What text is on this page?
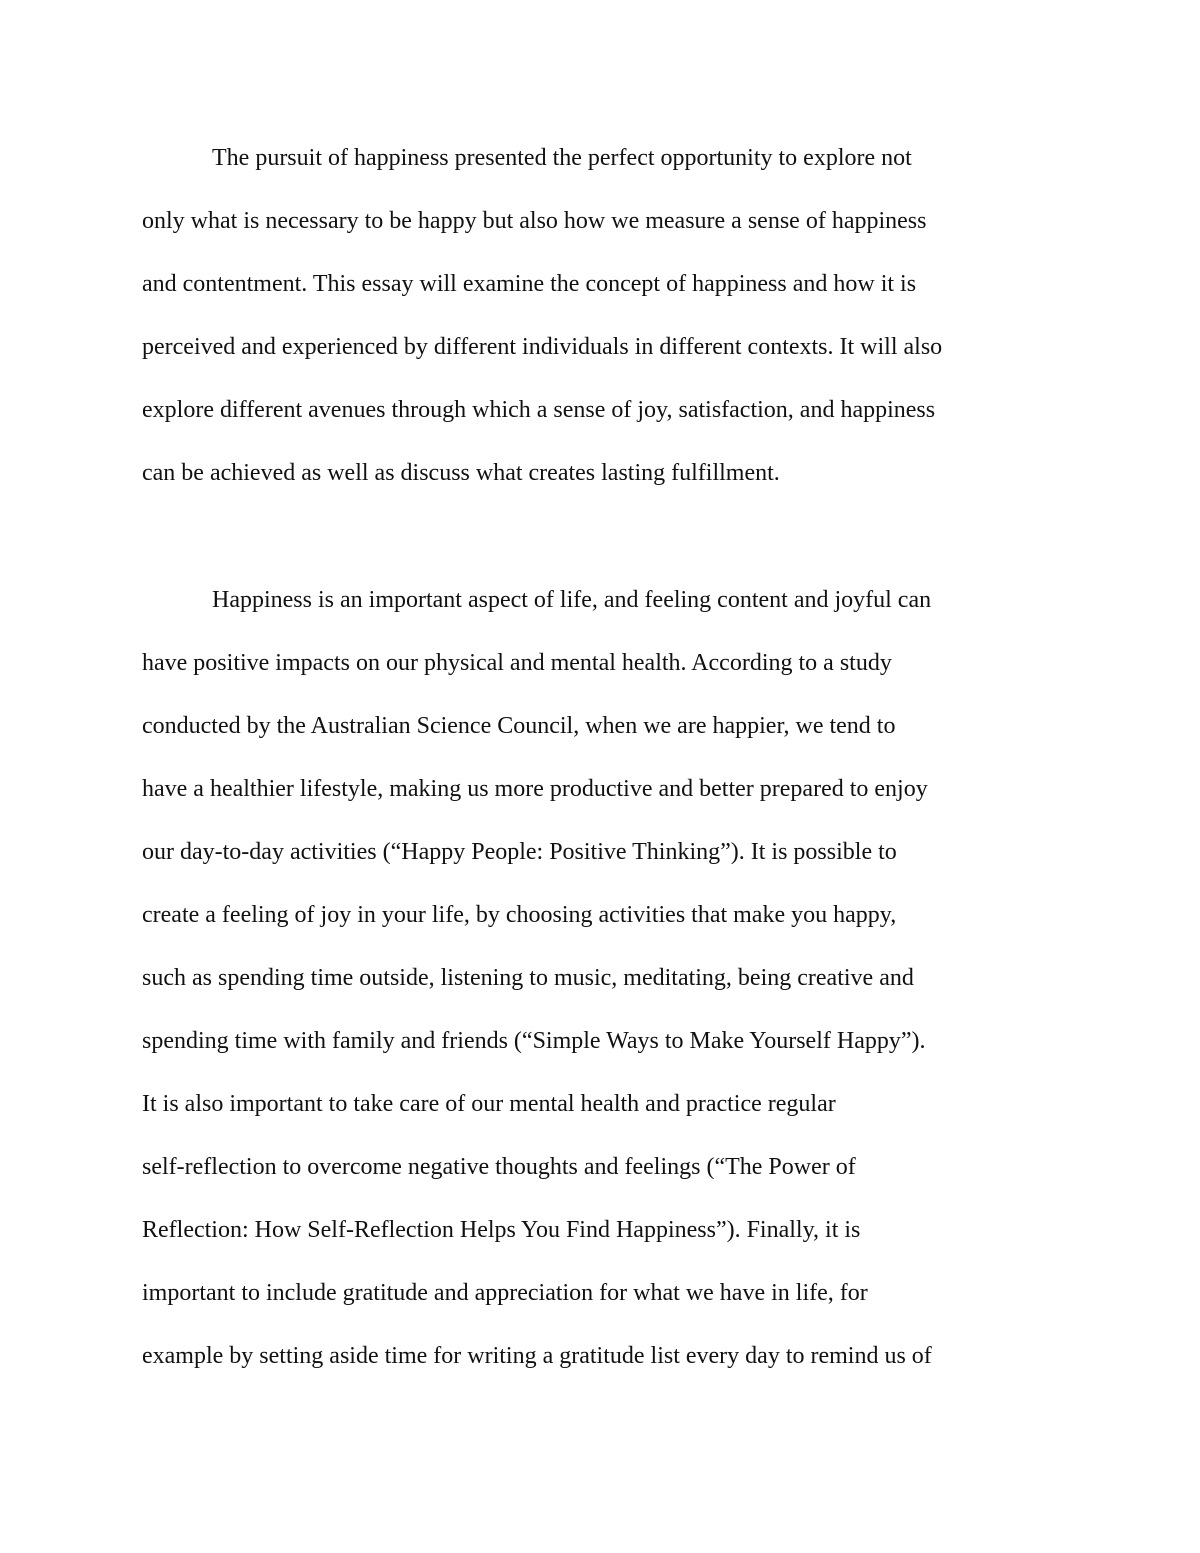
The pursuit of happiness presented the perfect opportunity to explore not
only what is necessary to be happy but also how we measure a sense of happiness
and contentment. This essay will examine the concept of happiness and how it is
perceived and experienced by different individuals in different contexts. It will also
explore different avenues through which a sense of joy, satisfaction, and happiness
can be achieved as well as discuss what creates lasting fulfillment.
Happiness is an important aspect of life, and feeling content and joyful can
have positive impacts on our physical and mental health. According to a study
conducted by the Australian Science Council, when we are happier, we tend to
have a healthier lifestyle, making us more productive and better prepared to enjoy
our day-to-day activities (“Happy People: Positive Thinking”). It is possible to
create a feeling of joy in your life, by choosing activities that make you happy,
such as spending time outside, listening to music, meditating, being creative and
spending time with family and friends (“Simple Ways to Make Yourself Happy”).
It is also important to take care of our mental health and practice regular
self-reflection to overcome negative thoughts and feelings (“The Power of
Reflection: How Self-Reflection Helps You Find Happiness”). Finally, it is
important to include gratitude and appreciation for what we have in life, for
example by setting aside time for writing a gratitude list every day to remind us of
